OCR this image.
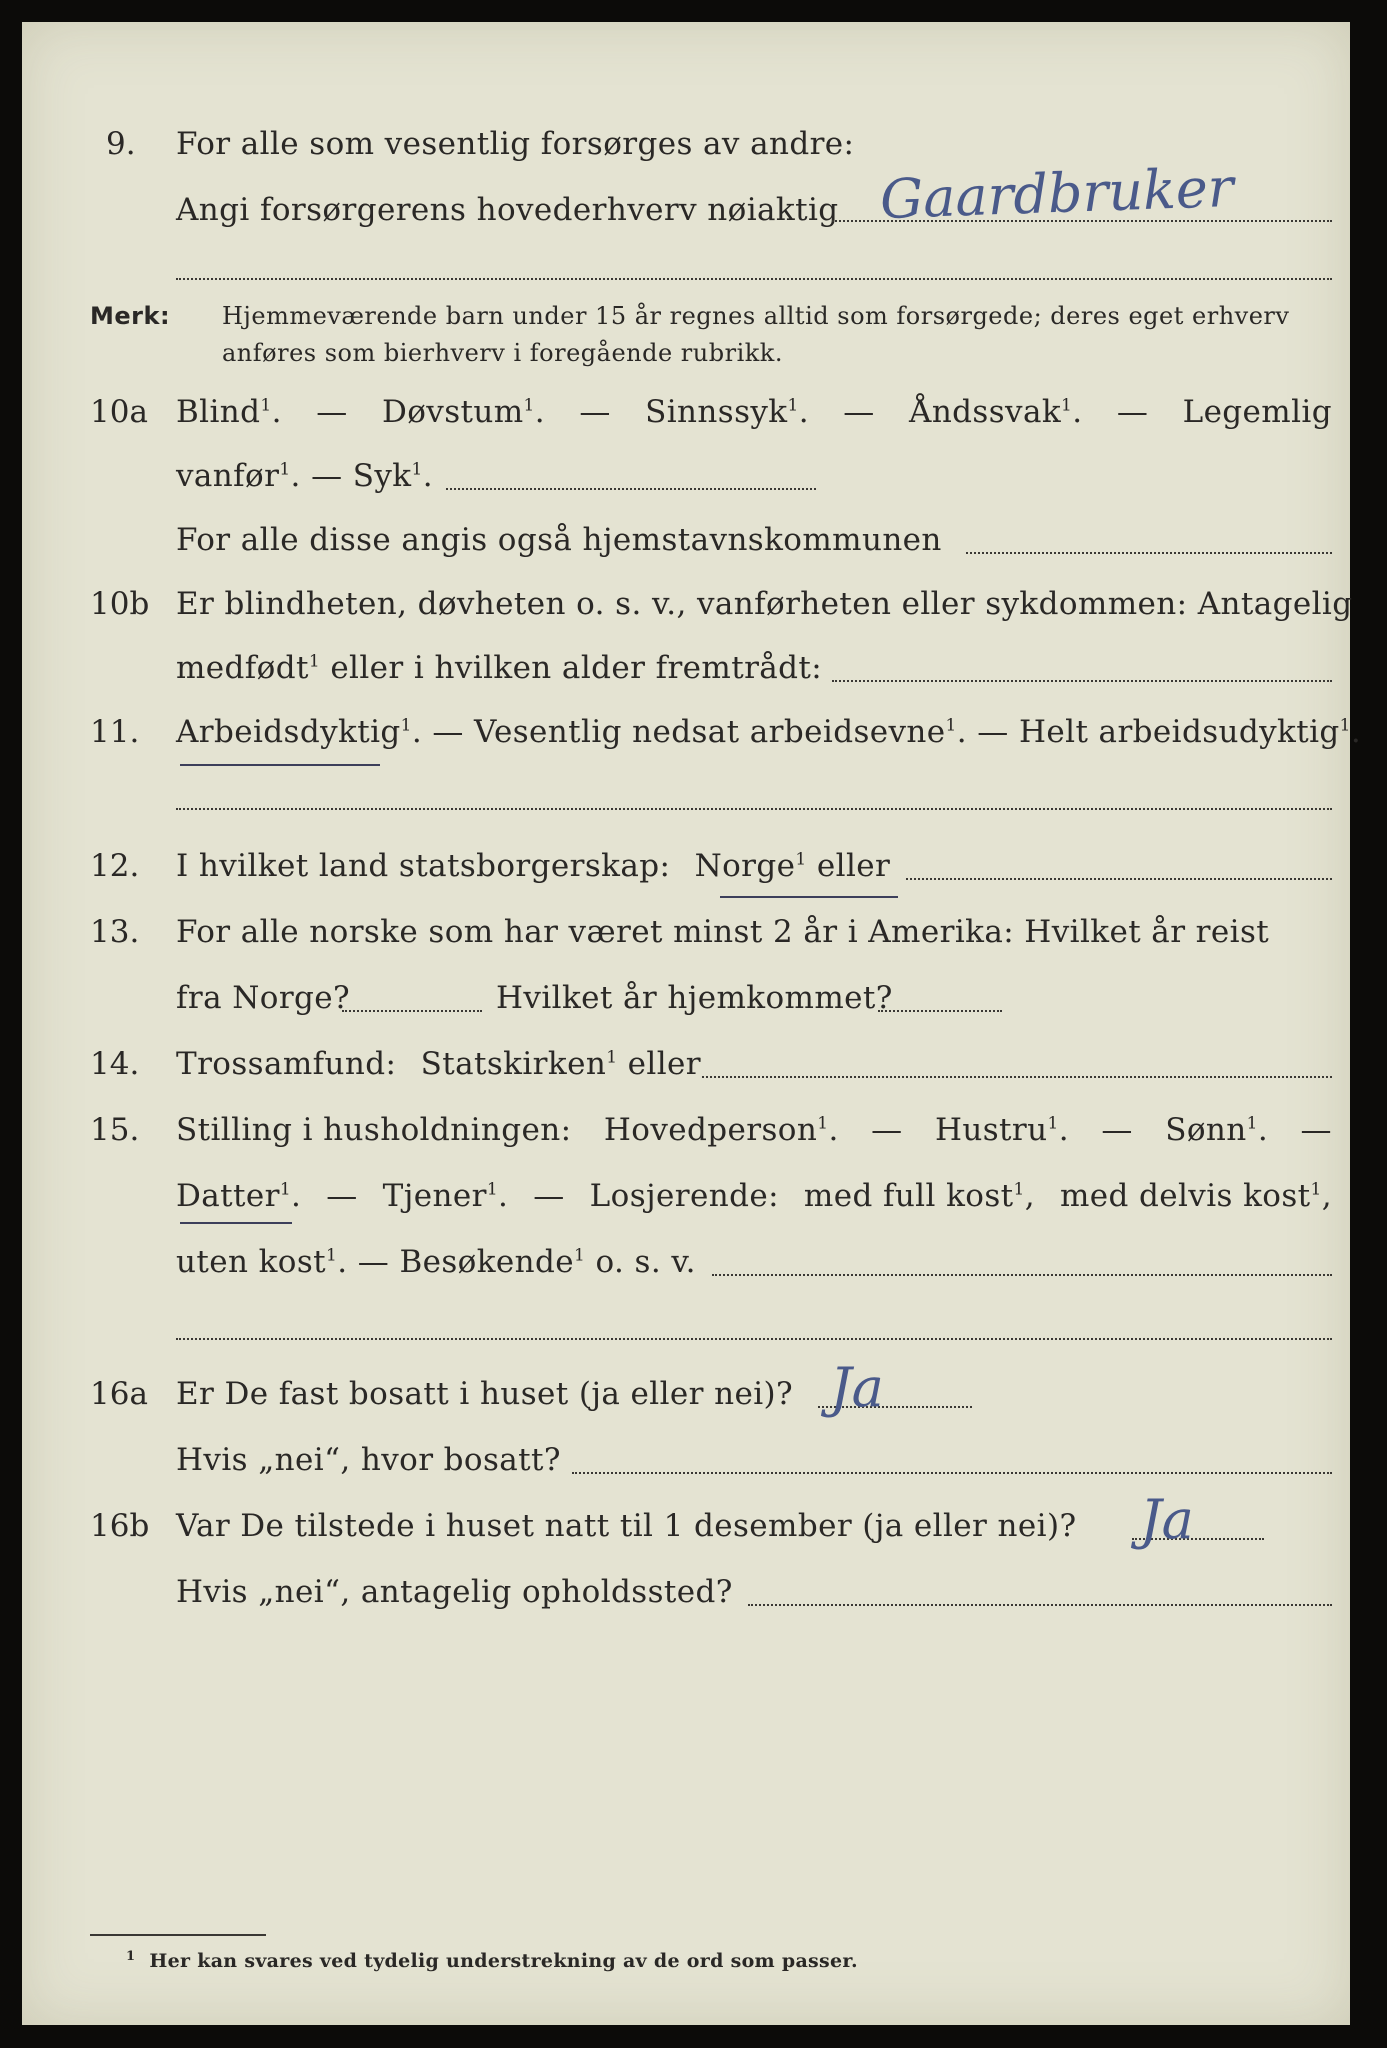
9. For alle som vesentlig forsørges av andre:
Angi forsørgerens hovederhverv nøiaktig Gaardbruker
Merk: Hjemmeværende barn under 15 år regnes alltid som forsørgede; deres eget erhverv
anføres som bierhverv i foregående rubrikk.
10a Blind$^1$. — Døvstum$^1$. — Sinnssyk$^1$. — Åndssvak$^1$. — Legemlig
vanfør$^1$. — Syk$^1$.
For alle disse angis også hjemstavnskommunen
10b Er blindheten, døvheten o. s. v., vanførheten eller sykdommen: Antagelig
medfødt$^1$ eller i hvilken alder fremtrådt:
11. Arbeidsdyktig$^1$. — Vesentlig nedsat arbeidsevne$^1$. — Helt arbeidsudyktig$^1$.
12. I hvilket land statsborgerskap: Norge$^1$ eller
13. For alle norske som har været minst 2 år i Amerika: Hvilket år reist
fra Norge?	Hvilket år hjemkommet?
14. Trossamfund: Statskirken$^1$ eller
15. Stilling i husholdningen: Hovedperson$^1$. — Hustru$^1$. — Sønn$^1$. —
Datter$^1$. — Tjener$^1$. — Losjerende: med full kost$^1$, med delvis kost$^1$,
uten kost$^1$. — Besøkende$^1$ o. s. v.
16a Er De fast bosatt i huset (ja eller nei)? Ja
Hvis „nei“, hvor bosatt?
16b Var De tilstede i huset natt til 1 desember (ja eller nei)? Ja
Hvis „nei“, antagelig opholdssted?
$^1$ Her kan svares ved tydelig understrekning av de ord som passer.
